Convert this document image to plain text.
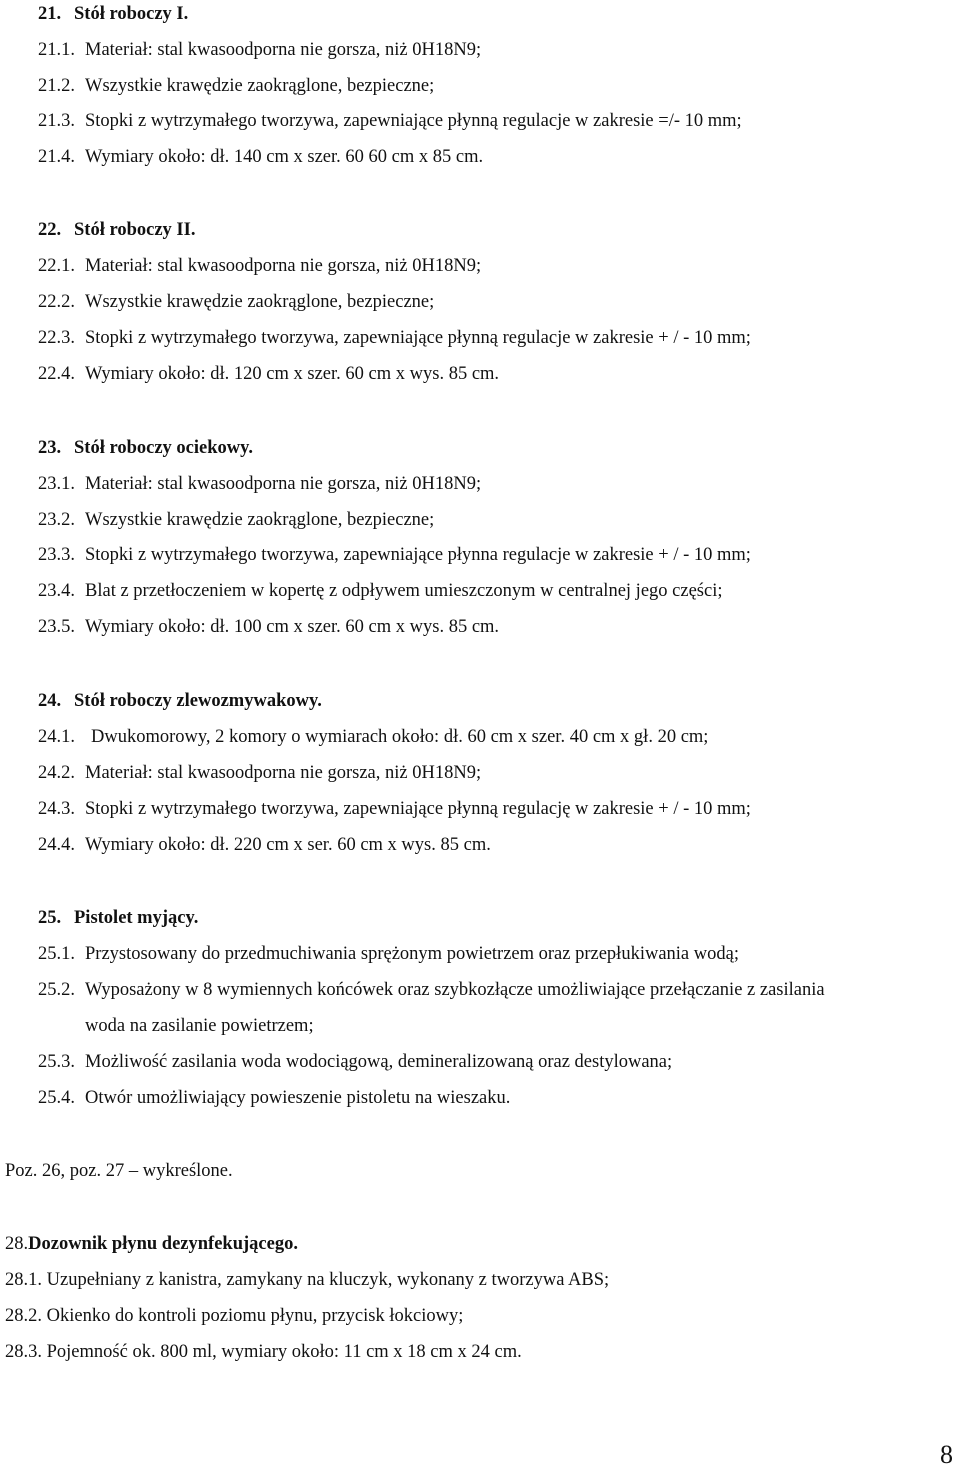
21. Stół roboczy I.
21.1. Materiał: stal kwasoodporna nie gorsza, niż 0H18N9;
21.2. Wszystkie krawędzie zaokrąglone, bezpieczne;
21.3. Stopki z wytrzymałego tworzywa, zapewniające płynną regulacje w zakresie =/- 10 mm;
21.4. Wymiary około: dł. 140 cm x szer. 60 60 cm x 85 cm.
22. Stół roboczy II.
22.1. Materiał: stal kwasoodporna nie gorsza, niż 0H18N9;
22.2. Wszystkie krawędzie zaokrąglone, bezpieczne;
22.3. Stopki z wytrzymałego tworzywa, zapewniające płynną regulacje w zakresie + / - 10 mm;
22.4. Wymiary około: dł. 120 cm x szer. 60 cm x wys. 85 cm.
23. Stół roboczy ociekowy.
23.1. Materiał: stal kwasoodporna nie gorsza, niż 0H18N9;
23.2. Wszystkie krawędzie zaokrąglone, bezpieczne;
23.3. Stopki z wytrzymałego tworzywa, zapewniające płynna regulacje w zakresie + / - 10 mm;
23.4. Blat z przetłoczeniem w kopertę z odpływem umieszczonym w centralnej jego części;
23.5. Wymiary około: dł. 100 cm x szer. 60 cm x wys. 85 cm.
24. Stół roboczy zlewozmywakowy.
24.1. Dwukomorowy, 2 komory o wymiarach około: dł. 60 cm x szer. 40 cm x gł. 20 cm;
24.2. Materiał: stal kwasoodporna nie gorsza, niż 0H18N9;
24.3. Stopki z wytrzymałego tworzywa, zapewniające płynną regulację w zakresie + / - 10 mm;
24.4. Wymiary około: dł. 220 cm x ser. 60 cm x wys. 85 cm.
25. Pistolet myjący.
25.1. Przystosowany do przedmuchiwania sprężonym powietrzem oraz przepłukiwania wodą;
25.2. Wyposażony w 8 wymiennych końcówek oraz szybkozłącze umożliwiające przełączanie z zasilania
woda na zasilanie powietrzem;
25.3. Możliwość zasilania woda wodociągową, demineralizowaną oraz destylowana;
25.4. Otwór umożliwiający powieszenie pistoletu na wieszaku.
Poz. 26, poz. 27 – wykreślone.
28.Dozownik płynu dezynfekującego.
28.1. Uzupełniany z kanistra, zamykany na kluczyk, wykonany z tworzywa ABS;
28.2. Okienko do kontroli poziomu płynu, przycisk łokciowy;
28.3. Pojemność ok. 800 ml, wymiary około: 11 cm x 18 cm x 24 cm.
8
